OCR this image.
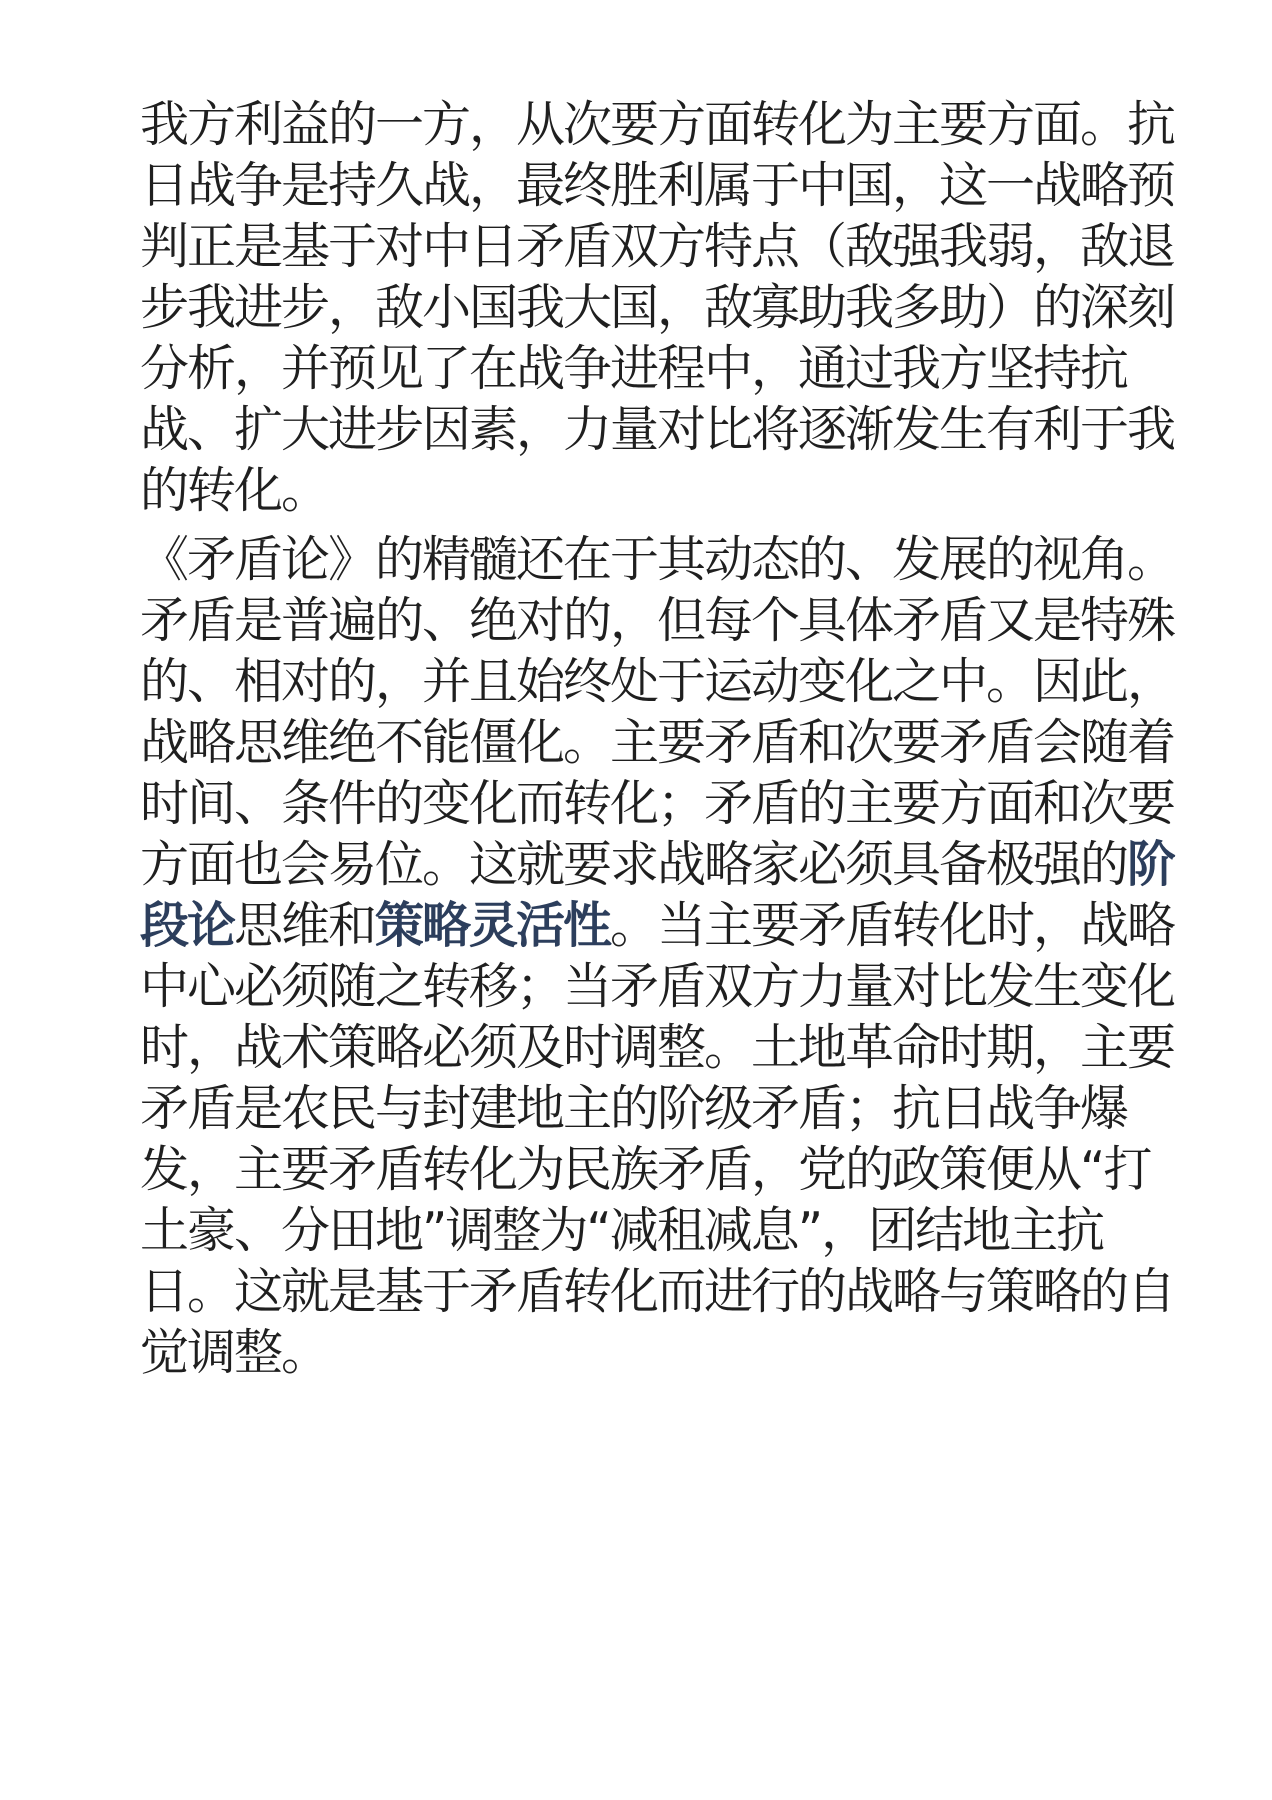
我方利益的一方，从次要方面转化为主要方面。抗
日战争是持久战，最终胜利属于中国，这一战略预
判正是基于对中日矛盾双方特点（敌强我弱，敌退
步我进步，敌小国我大国，敌寡助我多助）的深刻
分析，并预见了在战争进程中，通过我方坚持抗
战、扩大进步因素，力量对比将逐渐发生有利于我
的转化。

《矛盾论》的精髓还在于其动态的、发展的视角。
矛盾是普遍的、绝对的，但每个具体矛盾又是特殊
的、相对的，并且始终处于运动变化之中。因此，
战略思维绝不能僵化。主要矛盾和次要矛盾会随着
时间、条件的变化而转化；矛盾的主要方面和次要
方面也会易位。这就要求战略家必须具备极强的阶
段论思维和策略灵活性。当主要矛盾转化时，战略
中心必须随之转移；当矛盾双方力量对比发生变化
时，战术策略必须及时调整。土地革命时期，主要
矛盾是农民与封建地主的阶级矛盾；抗日战争爆
发，主要矛盾转化为民族矛盾，党的政策便从“打
土豪、分田地”调整为“减租减息”，团结地主抗
日。这就是基于矛盾转化而进行的战略与策略的自
觉调整。
